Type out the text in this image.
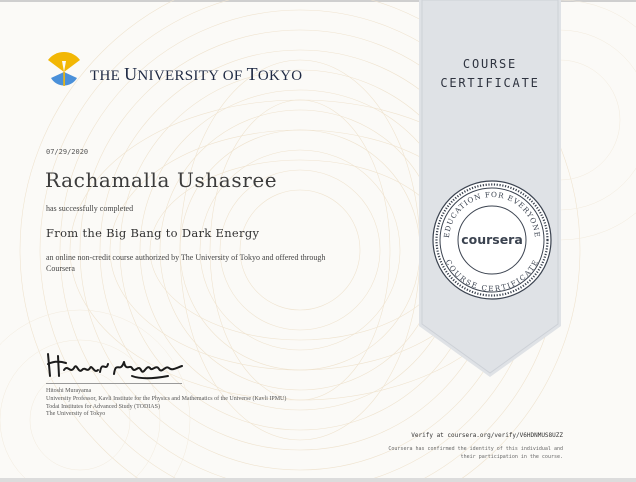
THE UNIVERSITY OF TOKYO
07/29/2020
Rachamalla Ushasree
has successfully completed
From the Big Bang to Dark Energy
an online non-credit course authorized by The University of Tokyo and offered through
Coursera
Hitoshi Murayama
University Professor, Kavli Institute for the Physics and Mathematics of the Universe (Kavli IPMU)
Todai Institutes for Advanced Study (TODIAS)
The University of Tokyo
COURSE
CERTIFICATE
EDUCATION FOR EVERYONE
COURSE CERTIFICATE
coursera
Verify at coursera.org/verify/V6HDNMUS8UZZ
Coursera has confirmed the identity of this individual and
their participation in the course.
